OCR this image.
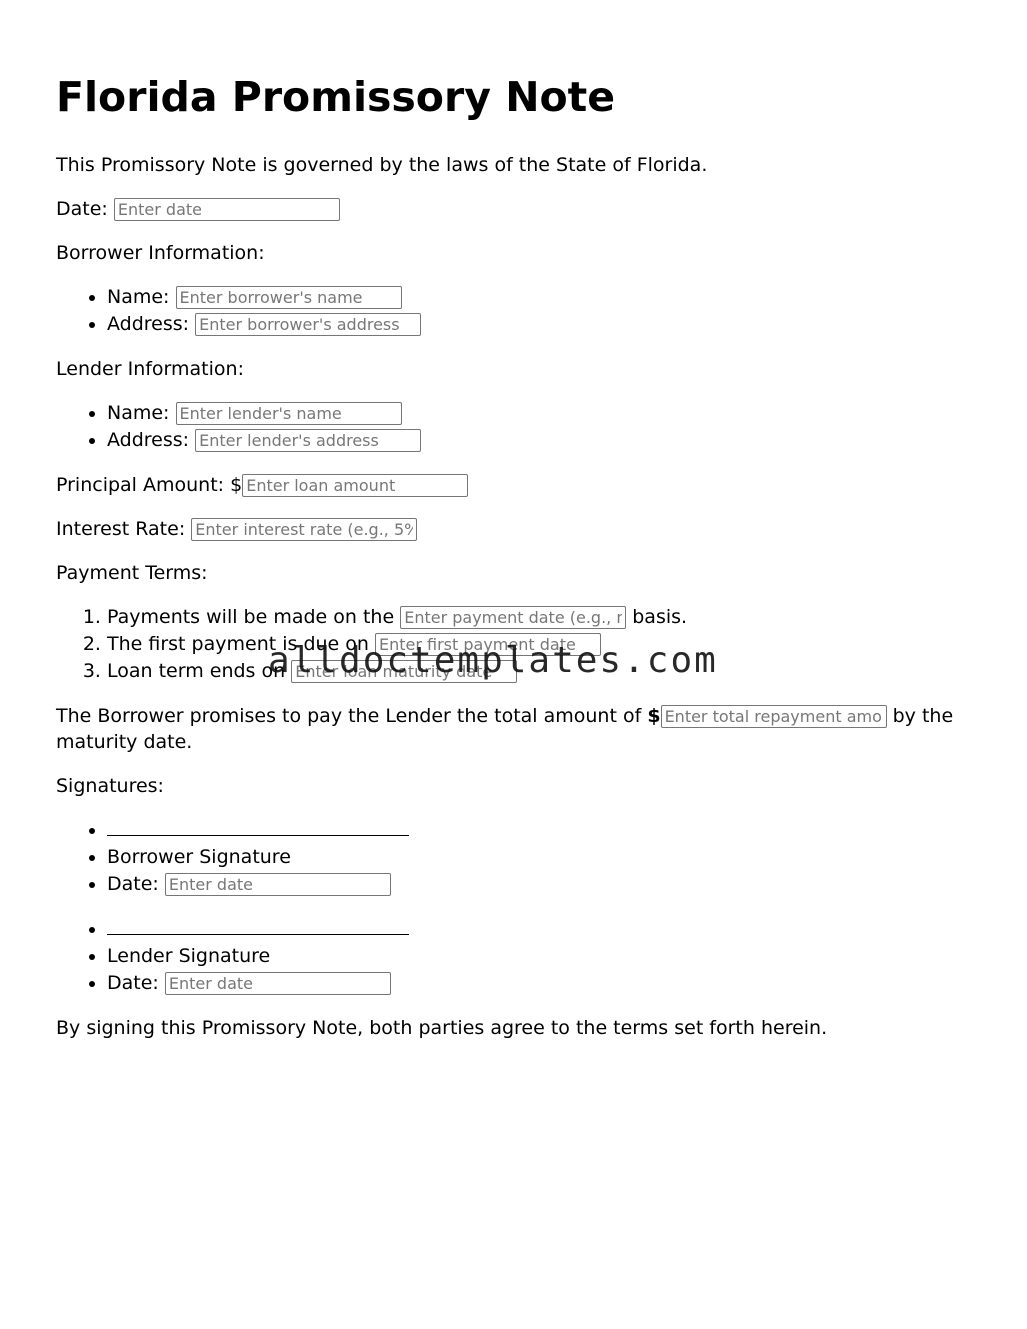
Florida Promissory Note

This Promissory Note is governed by the laws of the State of Florida.

Date: Enter date

Borrower Information:

• Name: Enter borrower's name
• Address: Enter borrower's address

Lender Information:

• Name: Enter lender's name
• Address: Enter lender's address

Principal Amount: $Enter loan amount

Interest Rate: Enter interest rate (e.g., 5%)

Payment Terms:

1. Payments will be made on the Enter payment date (e.g., monthly)	basis.
2. The first payment is due on Enter first payment date
3. Loan term ends on Enter loan maturity date

The Borrower promises to pay the Lender the total amount of $Enter total repayment amount	by the maturity date.

Signatures:

•
• Borrower Signature
• Date: Enter date
•
• Lender Signature
• Date: Enter date

By signing this Promissory Note, both parties agree to the terms set forth herein.

alldoctemplates.com
